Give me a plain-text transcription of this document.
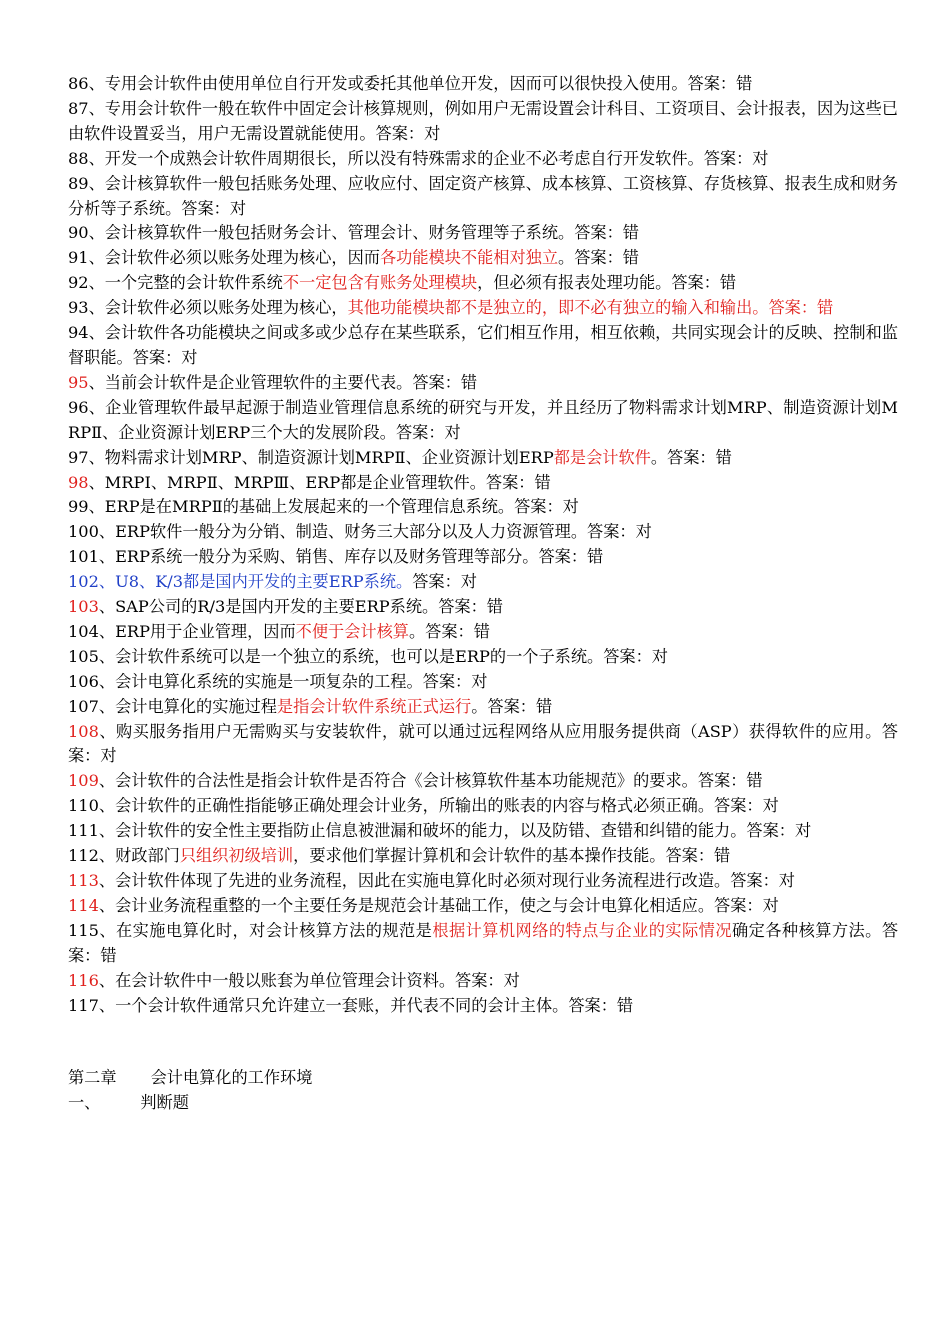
86、专用会计软件由使用单位自行开发或委托其他单位开发，因而可以很快投入使用。答案：错
87、专用会计软件一般在软件中固定会计核算规则，例如用户无需设置会计科目、工资项目、会计报表，因为这些已由软件设置妥当，用户无需设置就能使用。答案：对
88、开发一个成熟会计软件周期很长，所以没有特殊需求的企业不必考虑自行开发软件。答案：对
89、会计核算软件一般包括账务处理、应收应付、固定资产核算、成本核算、工资核算、存货核算、报表生成和财务分析等子系统。答案：对
90、会计核算软件一般包括财务会计、管理会计、财务管理等子系统。答案：错
91、会计软件必须以账务处理为核心，因而各功能模块不能相对独立。答案：错
92、一个完整的会计软件系统不一定包含有账务处理模块，但必须有报表处理功能。答案：错
93、会计软件必须以账务处理为核心，其他功能模块都不是独立的，即不必有独立的输入和输出。答案：错
94、会计软件各功能模块之间或多或少总存在某些联系，它们相互作用，相互依赖，共同实现会计的反映、控制和监督职能。答案：对
95、当前会计软件是企业管理软件的主要代表。答案：错
96、企业管理软件最早起源于制造业管理信息系统的研究与开发，并且经历了物料需求计划MRP、制造资源计划MRPⅡ、企业资源计划ERP三个大的发展阶段。答案：对
97、物料需求计划MRP、制造资源计划MRPⅡ、企业资源计划ERP都是会计软件。答案：错
98、MRPⅠ、MRPⅡ、MRPⅢ、ERP都是企业管理软件。答案：错
99、ERP是在MRPⅡ的基础上发展起来的一个管理信息系统。答案：对
100、ERP软件一般分为分销、制造、财务三大部分以及人力资源管理。答案：对
101、ERP系统一般分为采购、销售、库存以及财务管理等部分。答案：错
102、U8、K/3都是国内开发的主要ERP系统。答案：对
103、SAP公司的R/3是国内开发的主要ERP系统。答案：错
104、ERP用于企业管理，因而不便于会计核算。答案：错
105、会计软件系统可以是一个独立的系统，也可以是ERP的一个子系统。答案：对
106、会计电算化系统的实施是一项复杂的工程。答案：对
107、会计电算化的实施过程是指会计软件系统正式运行。答案：错
108、购买服务指用户无需购买与安装软件，就可以通过远程网络从应用服务提供商（ASP）获得软件的应用。答案：对
109、会计软件的合法性是指会计软件是否符合《会计核算软件基本功能规范》的要求。答案：错
110、会计软件的正确性指能够正确处理会计业务，所输出的账表的内容与格式必须正确。答案：对
111、会计软件的安全性主要指防止信息被泄漏和破坏的能力，以及防错、查错和纠错的能力。答案：对
112、财政部门只组织初级培训，要求他们掌握计算机和会计软件的基本操作技能。答案：错
113、会计软件体现了先进的业务流程，因此在实施电算化时必须对现行业务流程进行改造。答案：对
114、会计业务流程重整的一个主要任务是规范会计基础工作，使之与会计电算化相适应。答案：对
115、在实施电算化时，对会计核算方法的规范是根据计算机网络的特点与企业的实际情况确定各种核算方法。答案：错
116、在会计软件中一般以账套为单位管理会计资料。答案：对
117、一个会计软件通常只允许建立一套账，并代表不同的会计主体。答案：错
第二章 会计电算化的工作环境
一、 判断题
